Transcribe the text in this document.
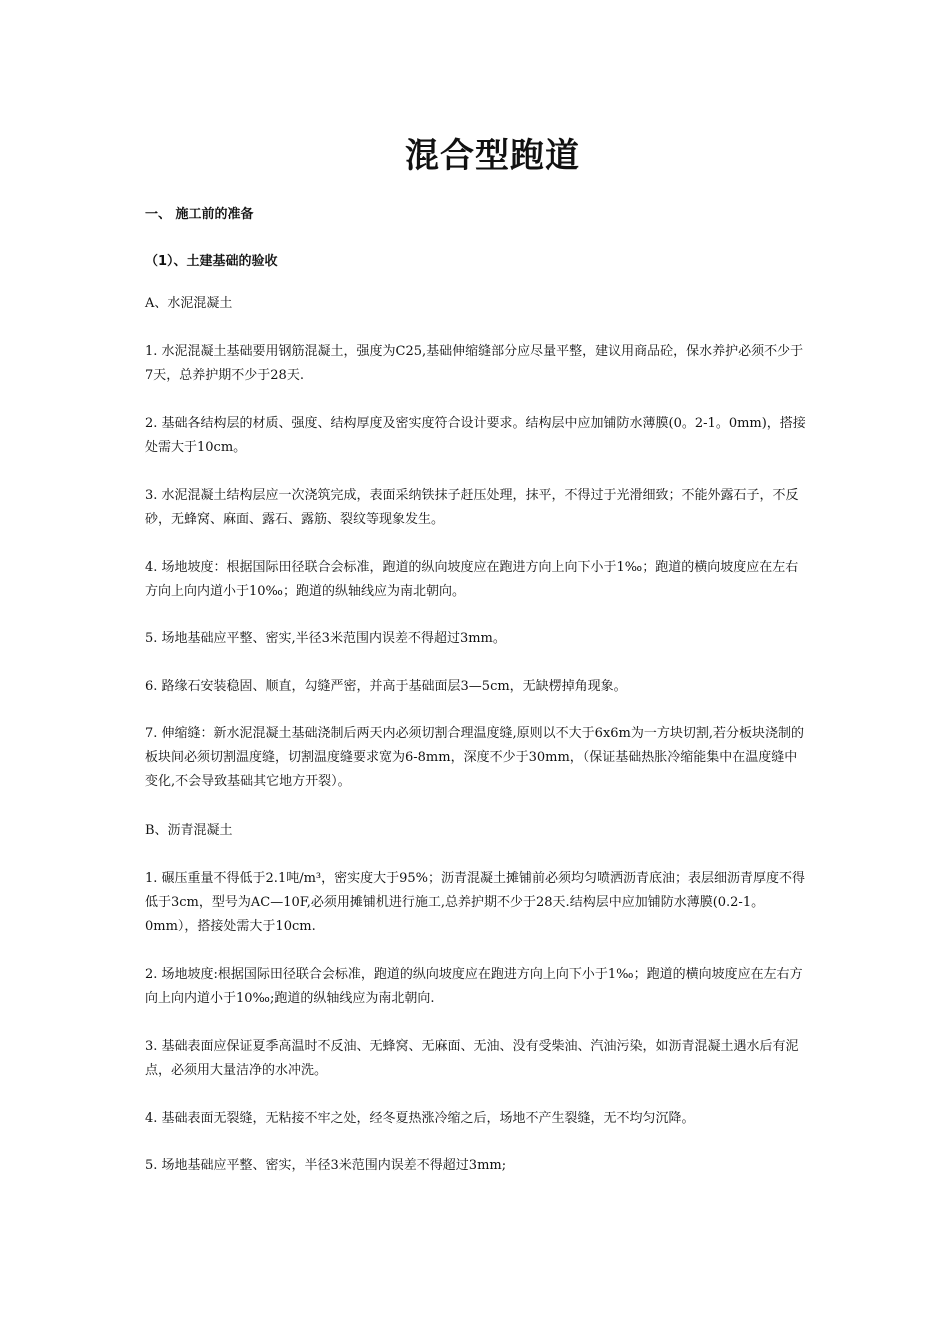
混合型跑道

一、 施工前的准备

（1）、土建基础的验收

A、水泥混凝土

1. 水泥混凝土基础要用钢筋混凝土，强度为C25,基础伸缩缝部分应尽量平整，建议用商品砼，保水养护必须不少于7天，总养护期不少于28天.

2. 基础各结构层的材质、强度、结构厚度及密实度符合设计要求。结构层中应加铺防水薄膜(0。2-1。0mm)，搭接处需大于10cm。

3. 水泥混凝土结构层应一次浇筑完成，表面采纳铁抹子赶压处理，抹平，不得过于光滑细致；不能外露石子，不反砂，无蜂窝、麻面、露石、露筋、裂纹等现象发生。

4. 场地坡度：根据国际田径联合会标准，跑道的纵向坡度应在跑进方向上向下小于1‰；跑道的横向坡度应在左右方向上向内道小于10‰；跑道的纵轴线应为南北朝向。

5. 场地基础应平整、密实,半径3米范围内误差不得超过3mm。

6. 路缘石安装稳固、顺直，勾缝严密，并高于基础面层3—5cm，无缺楞掉角现象。

7. 伸缩缝：新水泥混凝土基础浇制后两天内必须切割合理温度缝,原则以不大于6x6m为一方块切割,若分板块浇制的板块间必须切割温度缝，切割温度缝要求宽为6-8mm，深度不少于30mm，（保证基础热胀冷缩能集中在温度缝中变化,不会导致基础其它地方开裂）。

B、沥青混凝土

1. 碾压重量不得低于2.1吨/m³，密实度大于95%；沥青混凝土摊铺前必须均匀喷洒沥青底油；表层细沥青厚度不得低于3cm，型号为AC—10F,必须用摊铺机进行施工,总养护期不少于28天.结构层中应加铺防水薄膜(0.2-1。0mm），搭接处需大于10cm.

2. 场地坡度:根据国际田径联合会标准，跑道的纵向坡度应在跑进方向上向下小于1‰；跑道的横向坡度应在左右方向上向内道小于10‰;跑道的纵轴线应为南北朝向.

3. 基础表面应保证夏季高温时不反油、无蜂窝、无麻面、无油、没有受柴油、汽油污染，如沥青混凝土遇水后有泥点，必须用大量洁净的水冲洗。

4. 基础表面无裂缝，无粘接不牢之处，经冬夏热涨冷缩之后，场地不产生裂缝，无不均匀沉降。

5. 场地基础应平整、密实，半径3米范围内误差不得超过3mm;
